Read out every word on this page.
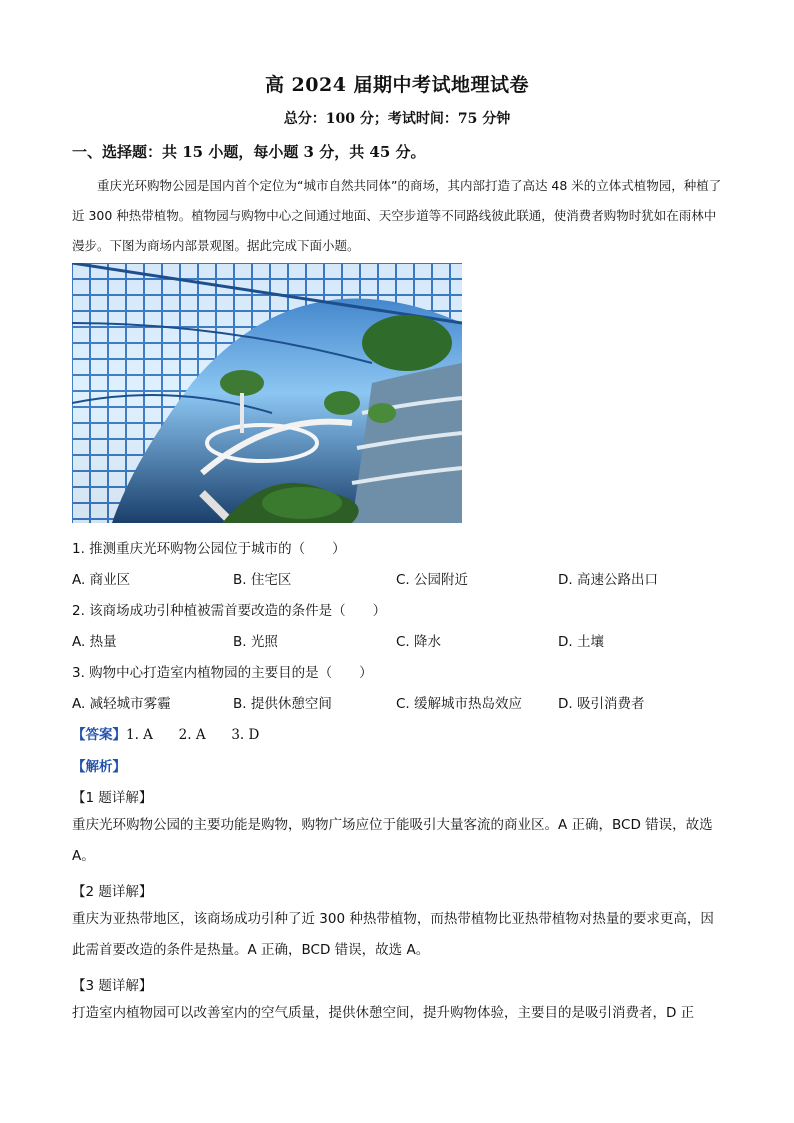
高 2024 届期中考试地理试卷
总分：100 分；考试时间：75 分钟
一、选择题：共 15 小题，每小题 3 分，共 45 分。
重庆光环购物公园是国内首个定位为“城市自然共同体”的商场，其内部打造了高达 48 米的立体式植物园，种植了近 300 种热带植物。植物园与购物中心之间通过地面、天空步道等不同路线彼此联通，使消费者购物时犹如在雨林中漫步。下图为商场内部景观图。据此完成下面小题。
1. 推测重庆光环购物公园位于城市的（　　）
A. 商业区	B. 住宅区	C. 公园附近	D. 高速公路出口
2. 该商场成功引种植被需首要改造的条件是（　　）
A. 热量	B. 光照	C. 降水	D. 土壤
3. 购物中心打造室内植物园的主要目的是（　　）
A. 减轻城市雾霾	B. 提供休憩空间	C. 缓解城市热岛效应	D. 吸引消费者
【答案】1. A 2. A 3. D
【解析】
【1 题详解】
重庆光环购物公园的主要功能是购物，购物广场应位于能吸引大量客流的商业区。A 正确，BCD 错误，故选 A。
【2 题详解】
重庆为亚热带地区，该商场成功引种了近 300 种热带植物，而热带植物比亚热带植物对热量的要求更高，因此需首要改造的条件是热量。A 正确，BCD 错误，故选 A。
【3 题详解】
打造室内植物园可以改善室内的空气质量，提供休憩空间，提升购物体验，主要目的是吸引消费者，D 正
